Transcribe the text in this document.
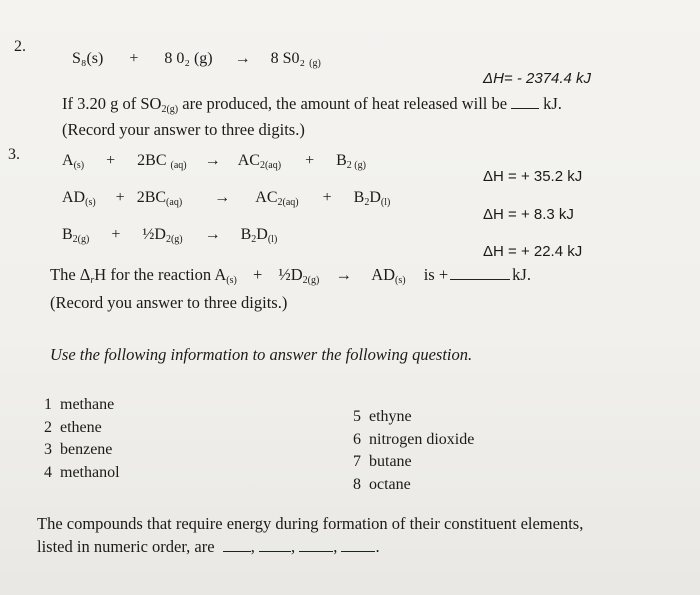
2.
S₈(s) + 8 0₂ (g) → 8 S0₂ $_{(g)}$
ΔH= - 2374.4 kJ
If 3.20 g of $SO_{2(g)}$ are produced, the amount of heat released will be kJ.
(Record your answer to three digits.)
3.	$A_{(s)} + 2BC$ $_{(aq)} \to AC_{2(aq)} + B_{2 (g)}$
ΔH = + 35.2 kJ
$AD_{(s)} + 2BC_{(aq)} \to AC_{2(aq)} + B_2D_{(l)}$
ΔH = + 8.3 kJ
$B_{2(g)}$ + $\frac{1}{2}D_{2(g)} \to B_2D_{(l)}$
ΔH = + 22.4 kJ
The $\Delta_rH$ for the reaction $A_{(s)}$ + $\frac{1}{2}D_{2(g)} \to AD_{(s)}$ is +	kJ.
(Record you answer to three digits.)
Use the following information to answer the following question.
1 methane
2 ethene
3 benzene
4 methanol
5 ethyne
6 nitrogen dioxide
7 butane
8 octane
The compounds that require energy during formation of their constituent elements,
listed in numeric order, are , , , .
